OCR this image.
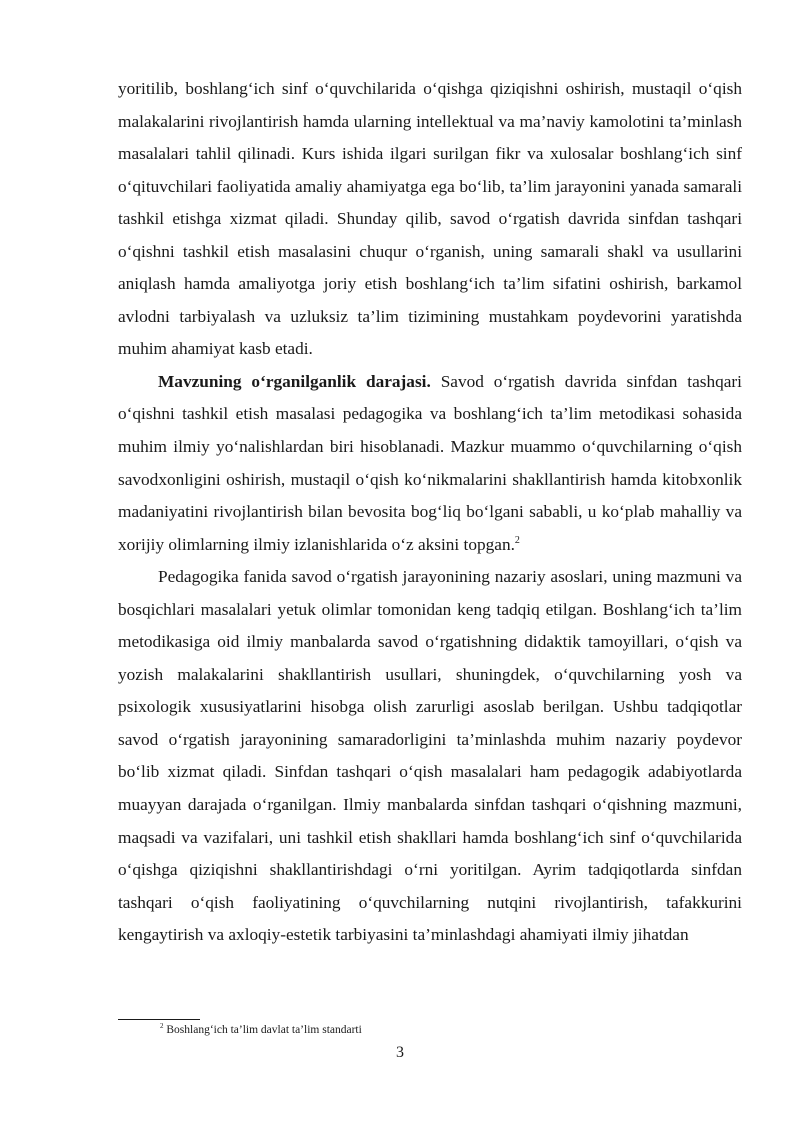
yoritilib, boshlang‘ich sinf o‘quvchilarida o‘qishga qiziqishni oshirish, mustaqil o‘qish malakalarini rivojlantirish hamda ularning intellektual va ma’naviy kamolotini ta’minlash masalalari tahlil qilinadi. Kurs ishida ilgari surilgan fikr va xulosalar boshlang‘ich sinf o‘qituvchilari faoliyatida amaliy ahamiyatga ega bo‘lib, ta’lim jarayonini yanada samarali tashkil etishga xizmat qiladi. Shunday qilib, savod o‘rgatish davrida sinfdan tashqari o‘qishni tashkil etish masalasini chuqur o‘rganish, uning samarali shakl va usullarini aniqlash hamda amaliyotga joriy etish boshlang‘ich ta’lim sifatini oshirish, barkamol avlodni tarbiyalash va uzluksiz ta’lim tizimining mustahkam poydevorini yaratishda muhim ahamiyat kasb etadi.

Mavzuning o‘rganilganlik darajasi. Savod o‘rgatish davrida sinfdan tashqari o‘qishni tashkil etish masalasi pedagogika va boshlang‘ich ta’lim metodikasi sohasida muhim ilmiy yo‘nalishlardan biri hisoblanadi. Mazkur muammo o‘quvchilarning o‘qish savodxonligini oshirish, mustaqil o‘qish ko‘nikmalarini shakllantirish hamda kitobxonlik madaniyatini rivojlantirish bilan bevosita bog‘liq bo‘lgani sababli, u ko‘plab mahalliy va xorijiy olimlarning ilmiy izlanishlarida o‘z aksini topgan.$^2$

Pedagogika fanida savod o‘rgatish jarayonining nazariy asoslari, uning mazmuni va bosqichlari masalalari yetuk olimlar tomonidan keng tadqiq etilgan. Boshlang‘ich ta’lim metodikasiga oid ilmiy manbalarda savod o‘rgatishning didaktik tamoyillari, o‘qish va yozish malakalarini shakllantirish usullari, shuningdek, o‘quvchilarning yosh va psixologik xususiyatlarini hisobga olish zarurligi asoslab berilgan. Ushbu tadqiqotlar savod o‘rgatish jarayonining samaradorligini ta’minlashda muhim nazariy poydevor bo‘lib xizmat qiladi. Sinfdan tashqari o‘qish masalalari ham pedagogik adabiyotlarda muayyan darajada o‘rganilgan. Ilmiy manbalarda sinfdan tashqari o‘qishning mazmuni, maqsadi va vazifalari, uni tashkil etish shakllari hamda boshlang‘ich sinf o‘quvchilarida o‘qishga qiziqishni shakllantirishdagi o‘rni yoritilgan. Ayrim tadqiqotlarda sinfdan tashqari o‘qish faoliyatining o‘quvchilarning nutqini rivojlantirish, tafakkurini kengaytirish va axloqiy-estetik tarbiyasini ta’minlashdagi ahamiyati ilmiy jihatdan

$^2$ Boshlang‘ich ta’lim davlat ta’lim standarti
3
